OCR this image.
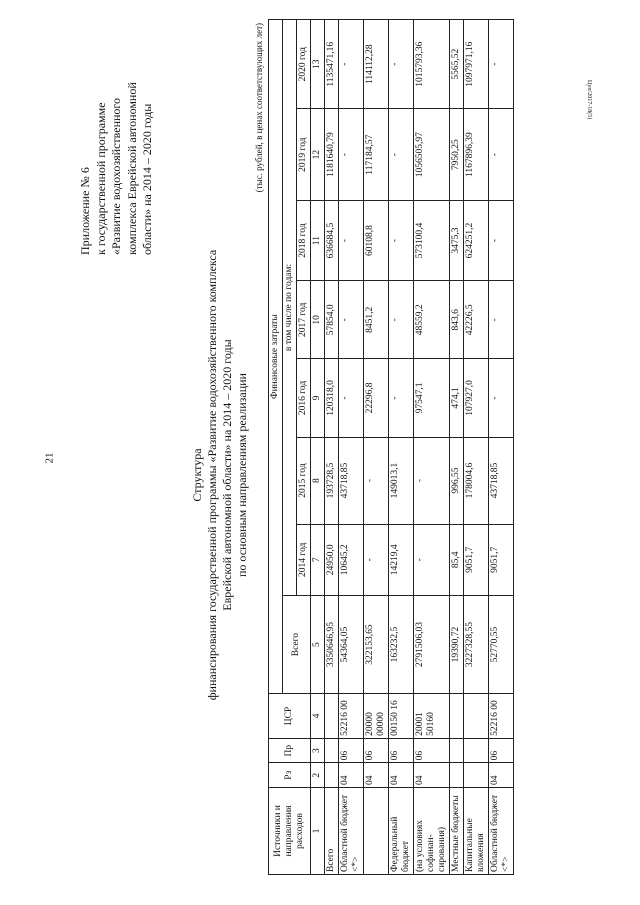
21
Цуп/2017-18(5)
Приложение № 6 к государственной программе «Развитие водохозяйственного комплекса Еврейской автономной области» на 2014 – 2020 годы
Структура финансирования государственной программы «Развитие водохозяйственного комплекса Еврейской автономной области» на 2014 – 2020 годы по основным направлениям реализации
(тыс. рублей, в ценах соответствующих лет)
Источники и направления расходов	Рз	Пр	ЦСР	Финансовые затраты							
				Всего	в том числе по годам:						
					2014 год	2015 год	2016 год	2017 год	2018 год	2019 год	2020 год
1	2	3	4	5	7	8	9	10	11	12	13
Всего				3350646,95	24950,0	193728,5	120318,0	57854,0	636684,5	1181640,79	1135471,16
Областной бюджет <*>	04	06	52216 00	54364,05	10645,2	43718,85	-	-	-	-	-
	04	06	20000 00000	322153,65	-	-	22296,8	8451,2	60108,8	117184,57	114112,28
Федеральный бюджет	04	06	00150 16	163232,5	14219,4	149013,1	-	-	-	-	-
(на условиях софинан-сирования)	04	06	20001 50160	2791506,03	-	-	97547,1	48559,2	573100,4	1056505,97	1015793,36
Местные бюджеты				19390,72	85,4	996,55	474,1	843,6	3475,3	7950,25	5565,52
Капитальные вложения				3227328,55	9051,7	178004,6	107927,0	42226,5	624251,2	1167896,39	1097971,16
Областной бюджет <*>	04	06	52216 00	52770,55	9051,7	43718,85	-	-	-	-	-
